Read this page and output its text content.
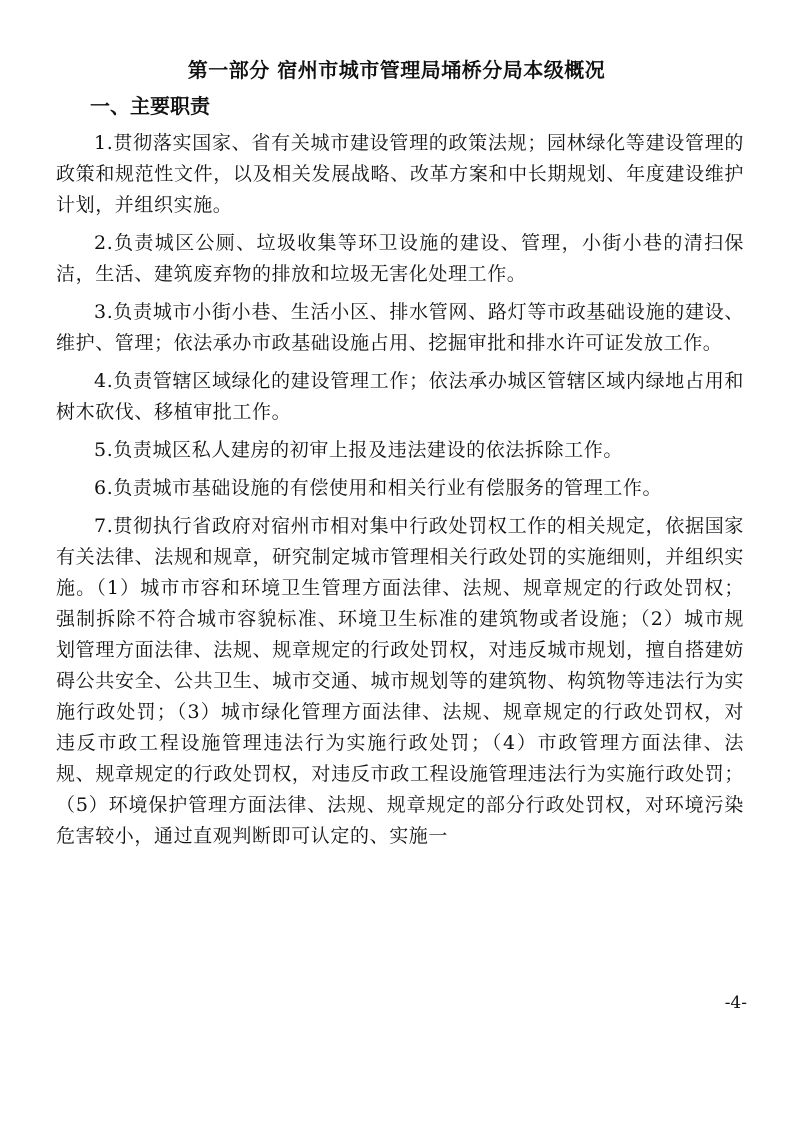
第一部分 宿州市城市管理局埇桥分局本级概况
一、主要职责

1.贯彻落实国家、省有关城市建设管理的政策法规；园林绿化等建设管理的政策和规范性文件，以及相关发展战略、改革方案和中长期规划、年度建设维护计划，并组织实施。

2.负责城区公厕、垃圾收集等环卫设施的建设、管理，小街小巷的清扫保洁，生活、建筑废弃物的排放和垃圾无害化处理工作。

3.负责城市小街小巷、生活小区、排水管网、路灯等市政基础设施的建设、维护、管理；依法承办市政基础设施占用、挖掘审批和排水许可证发放工作。

4.负责管辖区域绿化的建设管理工作；依法承办城区管辖区域内绿地占用和树木砍伐、移植审批工作。

5.负责城区私人建房的初审上报及违法建设的依法拆除工作。

6.负责城市基础设施的有偿使用和相关行业有偿服务的管理工作。

7.贯彻执行省政府对宿州市相对集中行政处罚权工作的相关规定，依据国家有关法律、法规和规章，研究制定城市管理相关行政处罚的实施细则，并组织实施。（1）城市市容和环境卫生管理方面法律、法规、规章规定的行政处罚权；强制拆除不符合城市容貌标准、环境卫生标准的建筑物或者设施；（2）城市规划管理方面法律、法规、规章规定的行政处罚权，对违反城市规划，擅自搭建妨碍公共安全、公共卫生、城市交通、城市规划等的建筑物、构筑物等违法行为实施行政处罚；（3）城市绿化管理方面法律、法规、规章规定的行政处罚权，对违反市政工程设施管理违法行为实施行政处罚；（4）市政管理方面法律、法规、规章规定的行政处罚权，对违反市政工程设施管理违法行为实施行政处罚；（5）环境保护管理方面法律、法规、规章规定的部分行政处罚权，对环境污染危害较小，通过直观判断即可认定的、实施一

-4-
